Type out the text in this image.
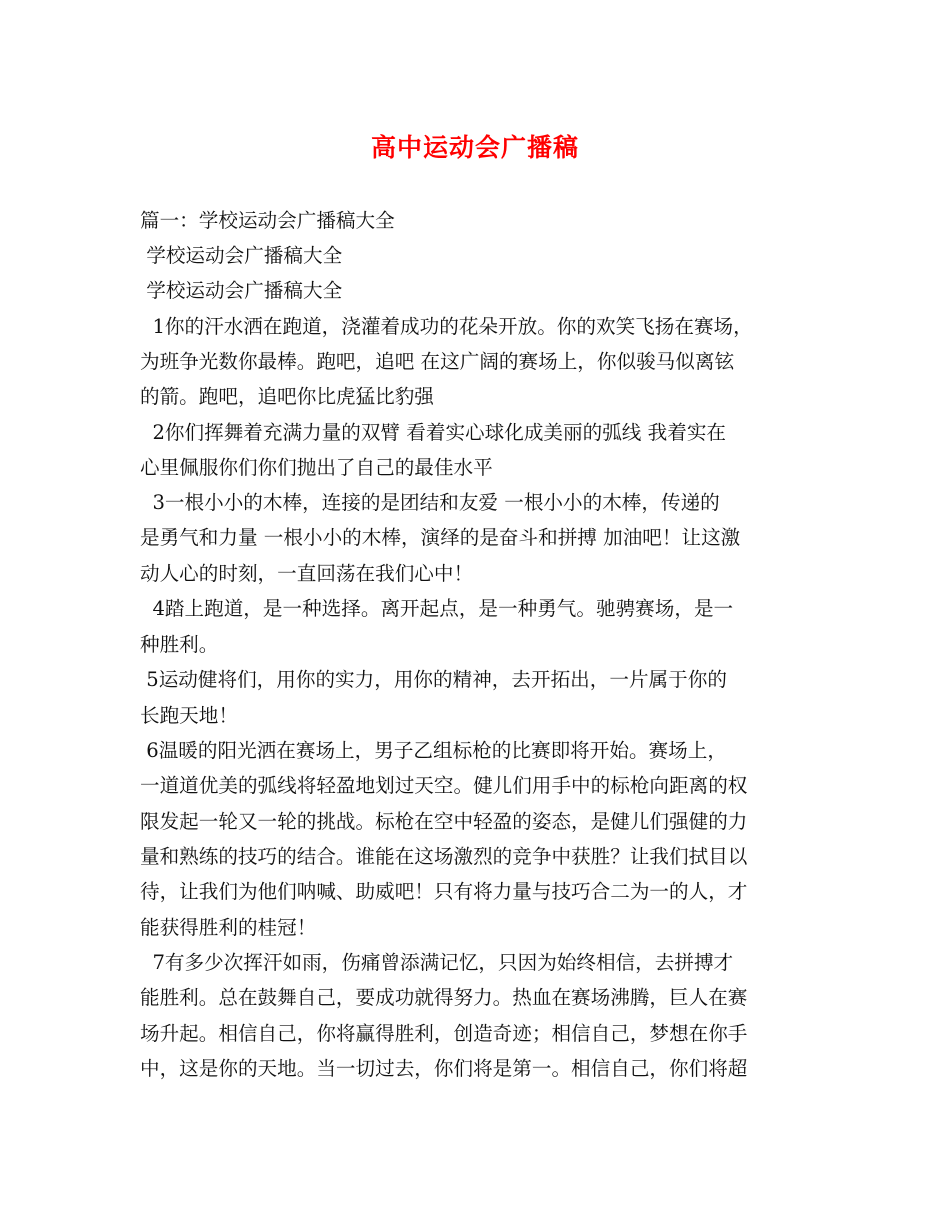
高中运动会广播稿
篇一：学校运动会广播稿大全
学校运动会广播稿大全
学校运动会广播稿大全
1你的汗水洒在跑道，浇灌着成功的花朵开放。你的欢笑飞扬在赛场，
为班争光数你最棒。跑吧，追吧 在这广阔的赛场上，你似骏马似离铉
的箭。跑吧，追吧你比虎猛比豹强
2你们挥舞着充满力量的双臂 看着实心球化成美丽的弧线 我着实在
心里佩服你们你们抛出了自己的最佳水平
3一根小小的木棒，连接的是团结和友爱 一根小小的木棒，传递的
是勇气和力量 一根小小的木棒，演绎的是奋斗和拼搏 加油吧！让这激
动人心的时刻，一直回荡在我们心中！
4踏上跑道，是一种选择。离开起点，是一种勇气。驰骋赛场，是一
种胜利。
5运动健将们，用你的实力，用你的精神，去开拓出，一片属于你的
长跑天地！
6温暖的阳光洒在赛场上，男子乙组标枪的比赛即将开始。赛场上，
一道道优美的弧线将轻盈地划过天空。健儿们用手中的标枪向距离的权
限发起一轮又一轮的挑战。标枪在空中轻盈的姿态，是健儿们强健的力
量和熟练的技巧的结合。谁能在这场激烈的竞争中获胜？让我们拭目以
待，让我们为他们呐喊、助威吧！只有将力量与技巧合二为一的人，才
能获得胜利的桂冠！
7有多少次挥汗如雨，伤痛曾添满记忆，只因为始终相信，去拼搏才
能胜利。总在鼓舞自己，要成功就得努力。热血在赛场沸腾，巨人在赛
场升起。相信自己，你将赢得胜利，创造奇迹；相信自己，梦想在你手
中，这是你的天地。当一切过去，你们将是第一。相信自己，你们将超
